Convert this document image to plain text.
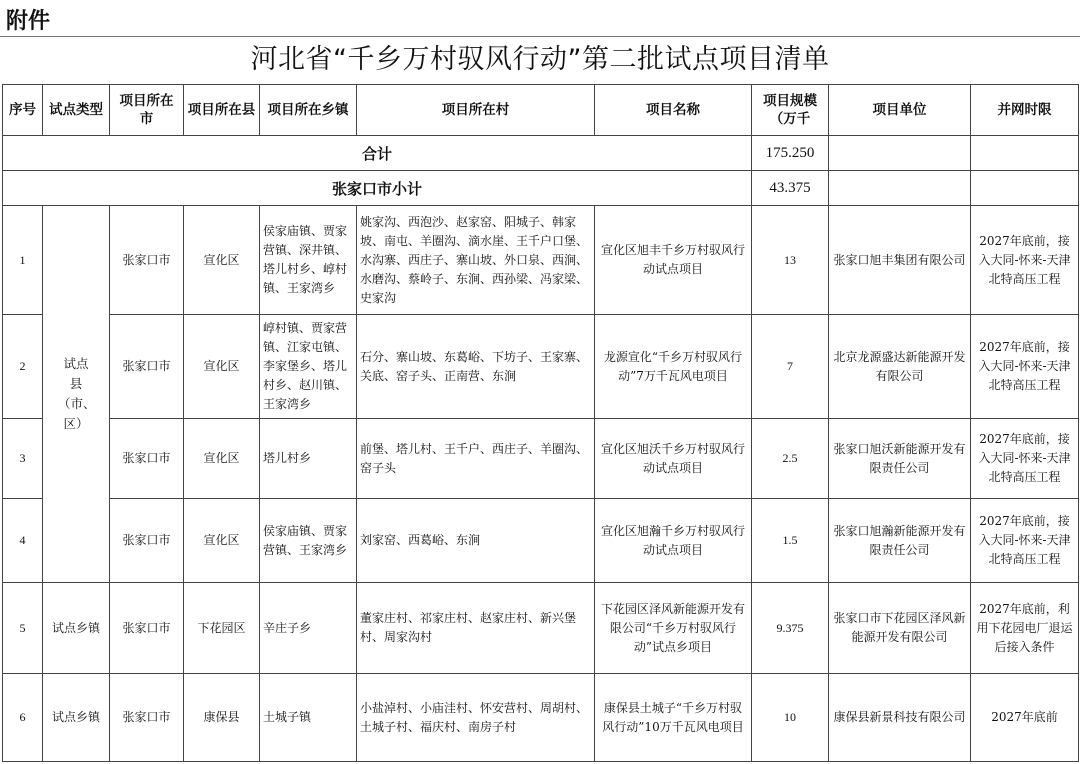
附件
河北省“千乡万村驭风行动”第二批试点项目清单
序号	试点类型	项目所在市	项目所在县	项目所在乡镇	项目所在村	项目名称	项目规模（万千	项目单位	并网时限
合计							175.250		
张家口市小计							43.375		
1	试点县（市、区）	张家口市	宣化区	侯家庙镇、贾家营镇、深井镇、塔儿村乡、崞村镇、王家湾乡	姚家沟、西泡沙、赵家窑、阳城子、韩家坡、南屯、羊圈沟、滴水崖、王千户口堡、水沟寨、西庄子、寨山坡、外口泉、西涧、水磨沟、蔡岭子、东涧、西孙梁、冯家梁、史家沟	宣化区旭丰千乡万村驭风行动试点项目	13	张家口旭丰集团有限公司	2027年底前，接入大同-怀来-天津北特高压工程
2		张家口市	宣化区	崞村镇、贾家营镇、江家屯镇、李家堡乡、塔儿村乡、赵川镇、王家湾乡	石分、寨山坡、东葛峪、下坊子、王家寨、关底、窑子头、正南营、东涧	龙源宣化“千乡万村驭风行动”7万千瓦风电项目	7	北京龙源盛达新能源开发有限公司	2027年底前，接入大同-怀来-天津北特高压工程
3		张家口市	宣化区	塔儿村乡	前堡、塔儿村、王千户、西庄子、羊圈沟、窑子头	宣化区旭沃千乡万村驭风行动试点项目	2.5	张家口旭沃新能源开发有限责任公司	2027年底前，接入大同-怀来-天津北特高压工程
4		张家口市	宣化区	侯家庙镇、贾家营镇、王家湾乡	刘家窑、西葛峪、东涧	宣化区旭瀚千乡万村驭风行动试点项目	1.5	张家口旭瀚新能源开发有限责任公司	2027年底前，接入大同-怀来-天津北特高压工程
5	试点乡镇	张家口市	下花园区	辛庄子乡	董家庄村、祁家庄村、赵家庄村、新兴堡村、周家沟村	下花园区泽风新能源开发有限公司“千乡万村驭风行动”试点乡项目	9.375	张家口市下花园区泽风新能源开发有限公司	2027年底前，利用下花园电厂退运后接入条件
6	试点乡镇	张家口市	康保县	土城子镇	小盐淖村、小庙洼村、怀安营村、周胡村、土城子村、福庆村、南房子村	康保县土城子“千乡万村驭风行动”10万千瓦风电项目	10	康保县新景科技有限公司	2027年底前
